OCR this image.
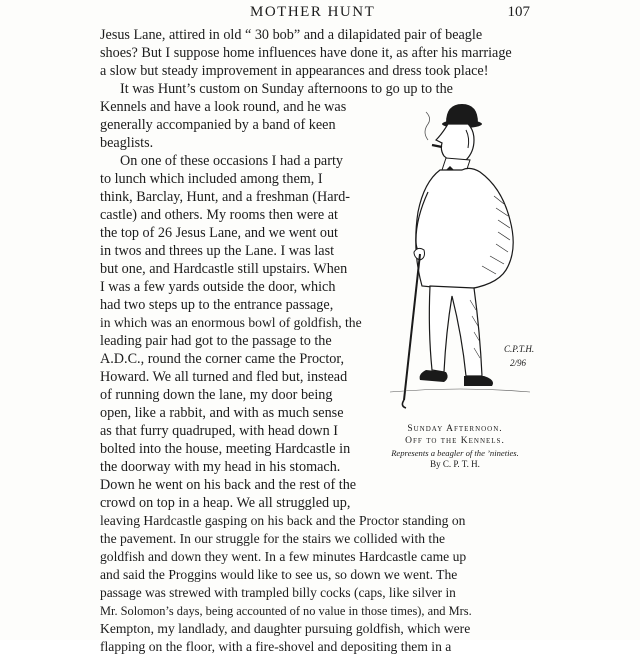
MOTHER HUNT	107
Jesus Lane, attired in old “ 30 bob” and a dilapidated pair of beagle
shoes? But I suppose home influences have done it, as after his marriage
a slow but steady improvement in appearances and dress took place!
It was Hunt’s custom on Sunday afternoons to go up to the
Kennels and have a look round, and he was
generally accompanied by a band of keen
beaglists.
On one of these occasions I had a party
to lunch which included among them, I
think, Barclay, Hunt, and a freshman (Hard-
castle) and others. My rooms then were at
the top of 26 Jesus Lane, and we went out
in twos and threes up the Lane. I was last
but one, and Hardcastle still upstairs. When
I was a few yards outside the door, which
had two steps up to the entrance passage,
in which was an enormous bowl of goldfish, the
leading pair had got to the passage to the
A.D.C., round the corner came the Proctor,
Howard. We all turned and fled but, instead
of running down the lane, my door being
open, like a rabbit, and with as much sense
as that furry quadruped, with head down I
bolted into the house, meeting Hardcastle in
the doorway with my head in his stomach.
Down he went on his back and the rest of the
crowd on top in a heap. We all struggled up,
leaving Hardcastle gasping on his back and the Proctor standing on
the pavement. In our struggle for the stairs we collided with the
goldfish and down they went. In a few minutes Hardcastle came up
and said the Proggins would like to see us, so down we went. The
passage was strewed with trampled billy cocks (caps, like silver in
Mr. Solomon’s days, being accounted of no value in those times), and Mrs.
Kempton, my landlady, and daughter pursuing goldfish, which were
flapping on the floor, with a fire-shovel and depositing them in a
C.P.T.H.
2/96
Sunday Afternoon.
Off to the Kennels.
Represents a beagler of the ’nineties.
By C. P. T. H.
